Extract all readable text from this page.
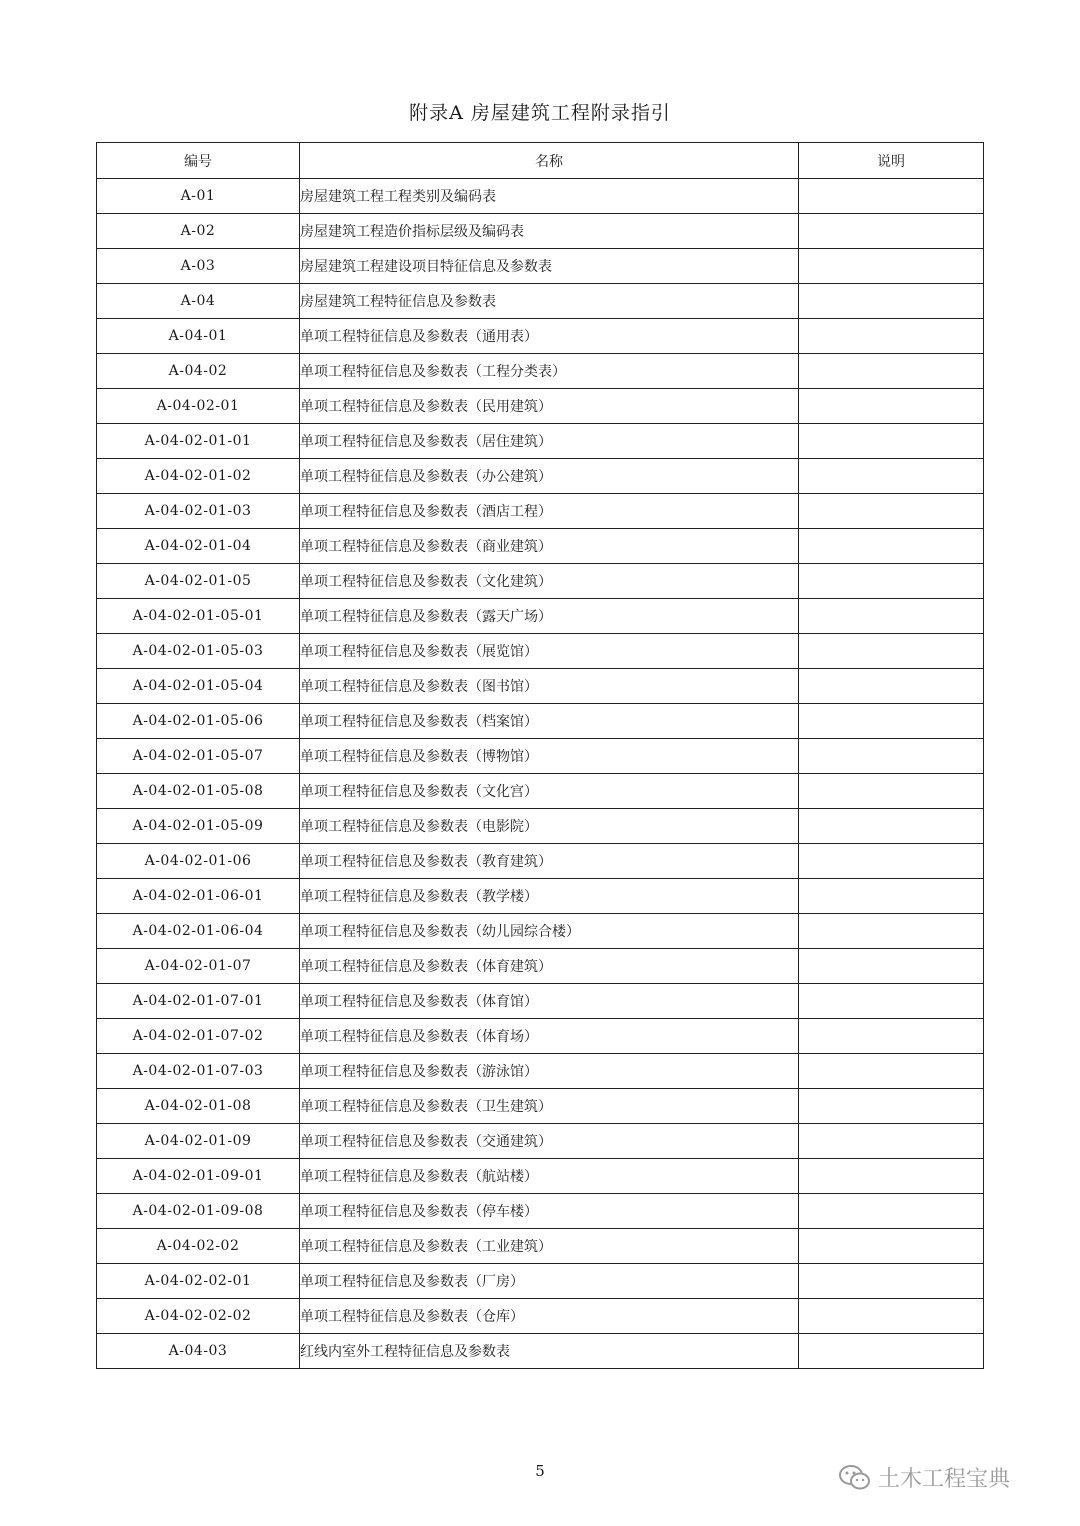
附录A 房屋建筑工程附录指引
编号	名称	说明
A-01	房屋建筑工程工程类别及编码表	
A-02	房屋建筑工程造价指标层级及编码表	
A-03	房屋建筑工程建设项目特征信息及参数表	
A-04	房屋建筑工程特征信息及参数表	
A-04-01	单项工程特征信息及参数表（通用表）	
A-04-02	单项工程特征信息及参数表（工程分类表）	
A-04-02-01	单项工程特征信息及参数表（民用建筑）	
A-04-02-01-01	单项工程特征信息及参数表（居住建筑）	
A-04-02-01-02	单项工程特征信息及参数表（办公建筑）	
A-04-02-01-03	单项工程特征信息及参数表（酒店工程）	
A-04-02-01-04	单项工程特征信息及参数表（商业建筑）	
A-04-02-01-05	单项工程特征信息及参数表（文化建筑）	
A-04-02-01-05-01	单项工程特征信息及参数表（露天广场）	
A-04-02-01-05-03	单项工程特征信息及参数表（展览馆）	
A-04-02-01-05-04	单项工程特征信息及参数表（图书馆）	
A-04-02-01-05-06	单项工程特征信息及参数表（档案馆）	
A-04-02-01-05-07	单项工程特征信息及参数表（博物馆）	
A-04-02-01-05-08	单项工程特征信息及参数表（文化宫）	
A-04-02-01-05-09	单项工程特征信息及参数表（电影院）	
A-04-02-01-06	单项工程特征信息及参数表（教育建筑）	
A-04-02-01-06-01	单项工程特征信息及参数表（教学楼）	
A-04-02-01-06-04	单项工程特征信息及参数表（幼儿园综合楼）	
A-04-02-01-07	单项工程特征信息及参数表（体育建筑）	
A-04-02-01-07-01	单项工程特征信息及参数表（体育馆）	
A-04-02-01-07-02	单项工程特征信息及参数表（体育场）	
A-04-02-01-07-03	单项工程特征信息及参数表（游泳馆）	
A-04-02-01-08	单项工程特征信息及参数表（卫生建筑）	
A-04-02-01-09	单项工程特征信息及参数表（交通建筑）	
A-04-02-01-09-01	单项工程特征信息及参数表（航站楼）	
A-04-02-01-09-08	单项工程特征信息及参数表（停车楼）	
A-04-02-02	单项工程特征信息及参数表（工业建筑）	
A-04-02-02-01	单项工程特征信息及参数表（厂房）	
A-04-02-02-02	单项工程特征信息及参数表（仓库）	
A-04-03	红线内室外工程特征信息及参数表	
5	土木工程宝典
